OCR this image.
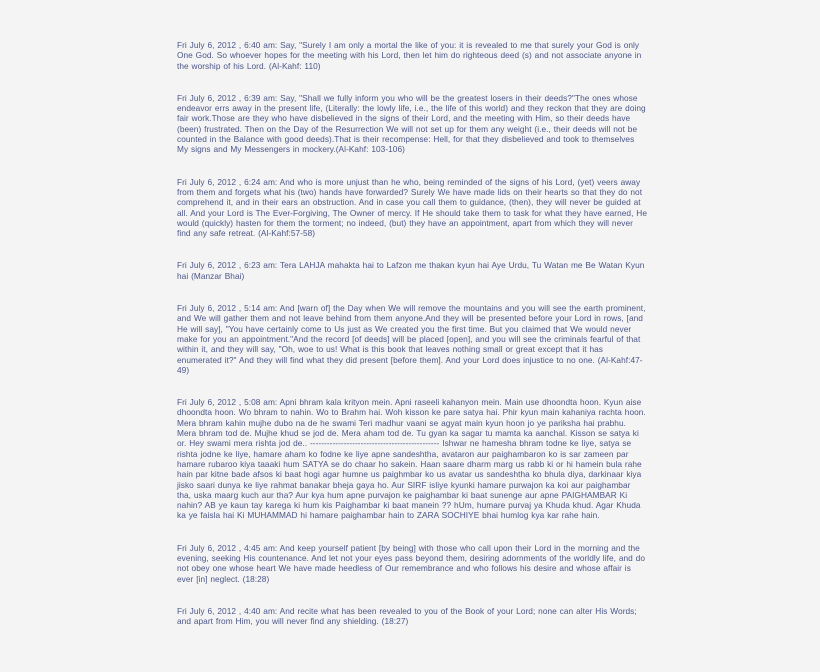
Fri July 6, 2012 , 6:40 am: Say, "Surely I am only a mortal the like of you: it is revealed to me that surely your God is only One God. So whoever hopes for the meeting with his Lord, then let him do righteous deed (s) and not associate anyone in the worship of his Lord. (Al-Kahf: 110)

Fri July 6, 2012 , 6:39 am: Say, "Shall we fully inform you who will be the greatest losers in their deeds?"The ones whose endeavor errs away in the present life, (Literally: the lowly life, i.e., the life of this world) and they reckon that they are doing fair work.Those are they who have disbelieved in the signs of their Lord, and the meeting with Him, so their deeds have (been) frustrated. Then on the Day of the Resurrection We will not set up for them any weight (i.e., their deeds will not be counted in the Balance with good deeds).That is their recompense: Hell, for that they disbelieved and took to themselves My signs and My Messengers in mockery.(Al-Kahf: 103-106)

Fri July 6, 2012 , 6:24 am: And who is more unjust than he who, being reminded of the signs of his Lord, (yet) veers away from them and forgets what his (two) hands have forwarded? Surely We have made lids on their hearts so that they do not comprehend it, and in their ears an obstruction. And in case you call them to guidance, (then), they will never be guided at all. And your Lord is The Ever-Forgiving, The Owner of mercy. If He should take them to task for what they have earned, He would (quickly) hasten for them the torment; no indeed, (but) they have an appointment, apart from which they will never find any safe retreat. (Al-Kahf:57-58)

Fri July 6, 2012 , 6:23 am: Tera LAHJA mahakta hai to Lafzon me thakan kyun hai Aye Urdu, Tu Watan me Be Watan Kyun hai (Manzar Bhai)

Fri July 6, 2012 , 5:14 am: And [warn of] the Day when We will remove the mountains and you will see the earth prominent, and We will gather them and not leave behind from them anyone.And they will be presented before your Lord in rows, [and He will say], "You have certainly come to Us just as We created you the first time. But you claimed that We would never make for you an appointment."And the record [of deeds] will be placed [open], and you will see the criminals fearful of that within it, and they will say, "Oh, woe to us! What is this book that leaves nothing small or great except that it has enumerated it?" And they will find what they did present [before them]. And your Lord does injustice to no one. (Al-Kahf:47-49)

Fri July 6, 2012 , 5:08 am: Apni bhram kala krityon mein. Apni raseeli kahanyon mein. Main use dhoondta hoon. Kyun aise dhoondta hoon. Wo bhram to nahin. Wo to Brahm hai. Woh kisson ke pare satya hai. Phir kyun main kahaniya rachta hoon. Mera bhram kahin mujhe dubo na de he swami Teri madhur vaani se agyat main kyun hoon jo ye pariksha hai prabhu. Mera bhram tod de. Mujhe khud se jod de. Mera aham tod de. Tu gyan ka sagar tu mamta ka aanchal. Kisson se satya ki or. Hey swami mera rishta jod de.. ---------------------------------------------- Ishwar ne hamesha bhram todne ke liye, satya se rishta jodne ke liye, hamare aham ko fodne ke liye apne sandeshtha, avataron aur paighambaron ko is sar zameen par hamare rubaroo kiya taaaki hum SATYA se do chaar ho sakein. Haan saare dharm marg us rabb ki or hi hamein bula rahe hain par kitne bade afsos ki baat hogi agar humne us paighmbar ko us avatar us sandeshtha ko bhula diya, darkinaar kiya jisko saari dunya ke liye rahmat banakar bheja gaya ho. Aur SIRF isliye kyunki hamare purwajon ka koi aur paighambar tha, uska maarg kuch aur tha? Aur kya hum apne purvajon ke paighambar ki baat sunenge aur apne PAIGHAMBAR Ki nahin? AB ye kaun tay karega ki hum kis Paighambar ki baat manein ?? hUm, humare purvaj ya Khuda khud. Agar Khuda ka ye faisla hai Ki MUHAMMAD hi hamare paighambar hain to ZARA SOCHIYE bhai humlog kya kar rahe hain.

Fri July 6, 2012 , 4:45 am: And keep yourself patient [by being] with those who call upon their Lord in the morning and the evening, seeking His countenance. And let not your eyes pass beyond them, desiring adornments of the worldly life, and do not obey one whose heart We have made heedless of Our remembrance and who follows his desire and whose affair is ever [in] neglect. (18:28)

Fri July 6, 2012 , 4:40 am: And recite what has been revealed to you of the Book of your Lord; none can alter His Words; and apart from Him, you will never find any shielding. (18:27)
